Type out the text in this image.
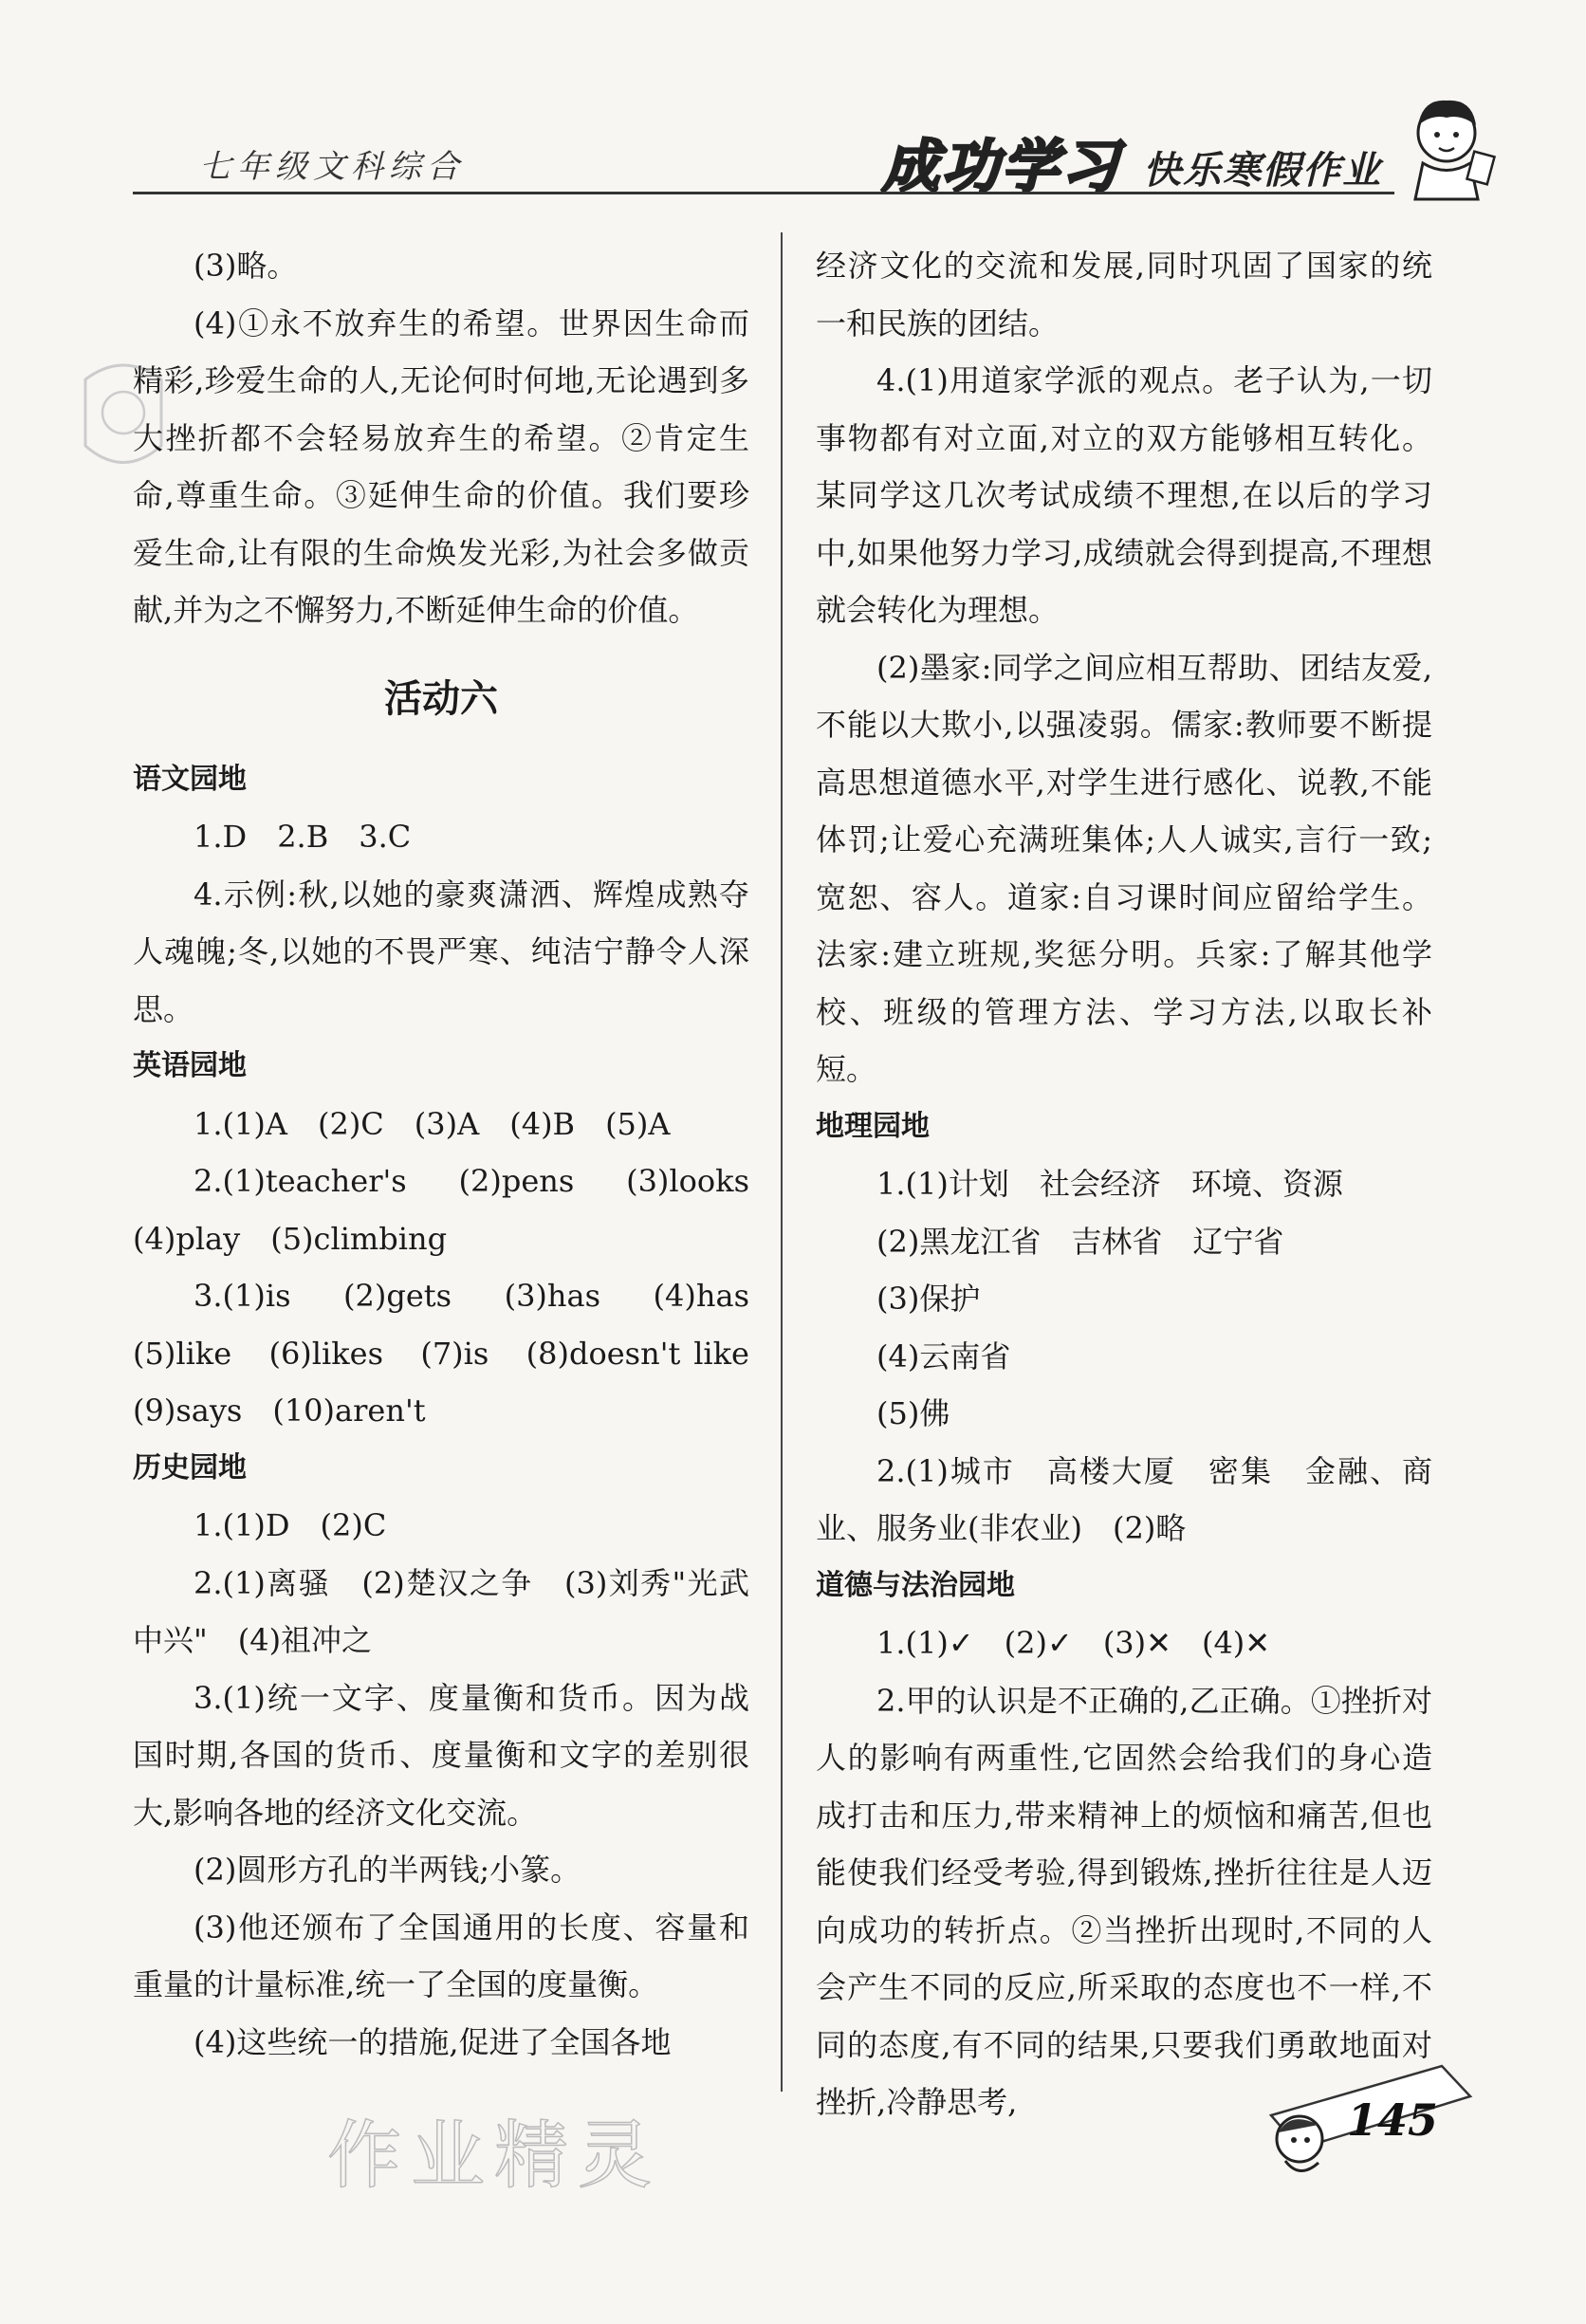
七年级文科综合	成功学习 快乐寒假作业

(3)略。

(4)①永不放弃生的希望。世界因生命而精彩,珍爱生命的人,无论何时何地,无论遇到多大挫折都不会轻易放弃生的希望。②肯定生命,尊重生命。③延伸生命的价值。我们要珍爱生命,让有限的生命焕发光彩,为社会多做贡献,并为之不懈努力,不断延伸生命的价值。

活动六

语文园地

1.D　2.B　3.C

4.示例:秋,以她的豪爽潇洒、辉煌成熟夺人魂魄;冬,以她的不畏严寒、纯洁宁静令人深思。

英语园地

1.(1)A　(2)C　(3)A　(4)B　(5)A

2.(1)teacher's　(2)pens　(3)looks　(4)play　(5)climbing

3.(1)is　(2)gets　(3)has　(4)has　(5)like　(6)likes　(7)is　(8)doesn't like　(9)says　(10)aren't

历史园地

1.(1)D　(2)C

2.(1)离骚　(2)楚汉之争　(3)刘秀"光武中兴"　(4)祖冲之

3.(1)统一文字、度量衡和货币。因为战国时期,各国的货币、度量衡和文字的差别很大,影响各地的经济文化交流。

(2)圆形方孔的半两钱;小篆。

(3)他还颁布了全国通用的长度、容量和重量的计量标准,统一了全国的度量衡。

(4)这些统一的措施,促进了全国各地

经济文化的交流和发展,同时巩固了国家的统一和民族的团结。

4.(1)用道家学派的观点。老子认为,一切事物都有对立面,对立的双方能够相互转化。某同学这几次考试成绩不理想,在以后的学习中,如果他努力学习,成绩就会得到提高,不理想就会转化为理想。

(2)墨家:同学之间应相互帮助、团结友爱,不能以大欺小,以强凌弱。儒家:教师要不断提高思想道德水平,对学生进行感化、说教,不能体罚;让爱心充满班集体;人人诚实,言行一致;宽恕、容人。道家:自习课时间应留给学生。法家:建立班规,奖惩分明。兵家:了解其他学校、班级的管理方法、学习方法,以取长补短。

地理园地

1.(1)计划　社会经济　环境、资源

(2)黑龙江省　吉林省　辽宁省

(3)保护

(4)云南省

(5)佛

2.(1)城市　高楼大厦　密集　金融、商业、服务业(非农业)　(2)略

道德与法治园地

1.(1)✓　(2)✓　(3)✕　(4)✕

2.甲的认识是不正确的,乙正确。①挫折对人的影响有两重性,它固然会给我们的身心造成打击和压力,带来精神上的烦恼和痛苦,但也能使我们经受考验,得到锻炼,挫折往往是人迈向成功的转折点。②当挫折出现时,不同的人会产生不同的反应,所采取的态度也不一样,不同的态度,有不同的结果,只要我们勇敢地面对挫折,冷静思考,

作业精灵	145
